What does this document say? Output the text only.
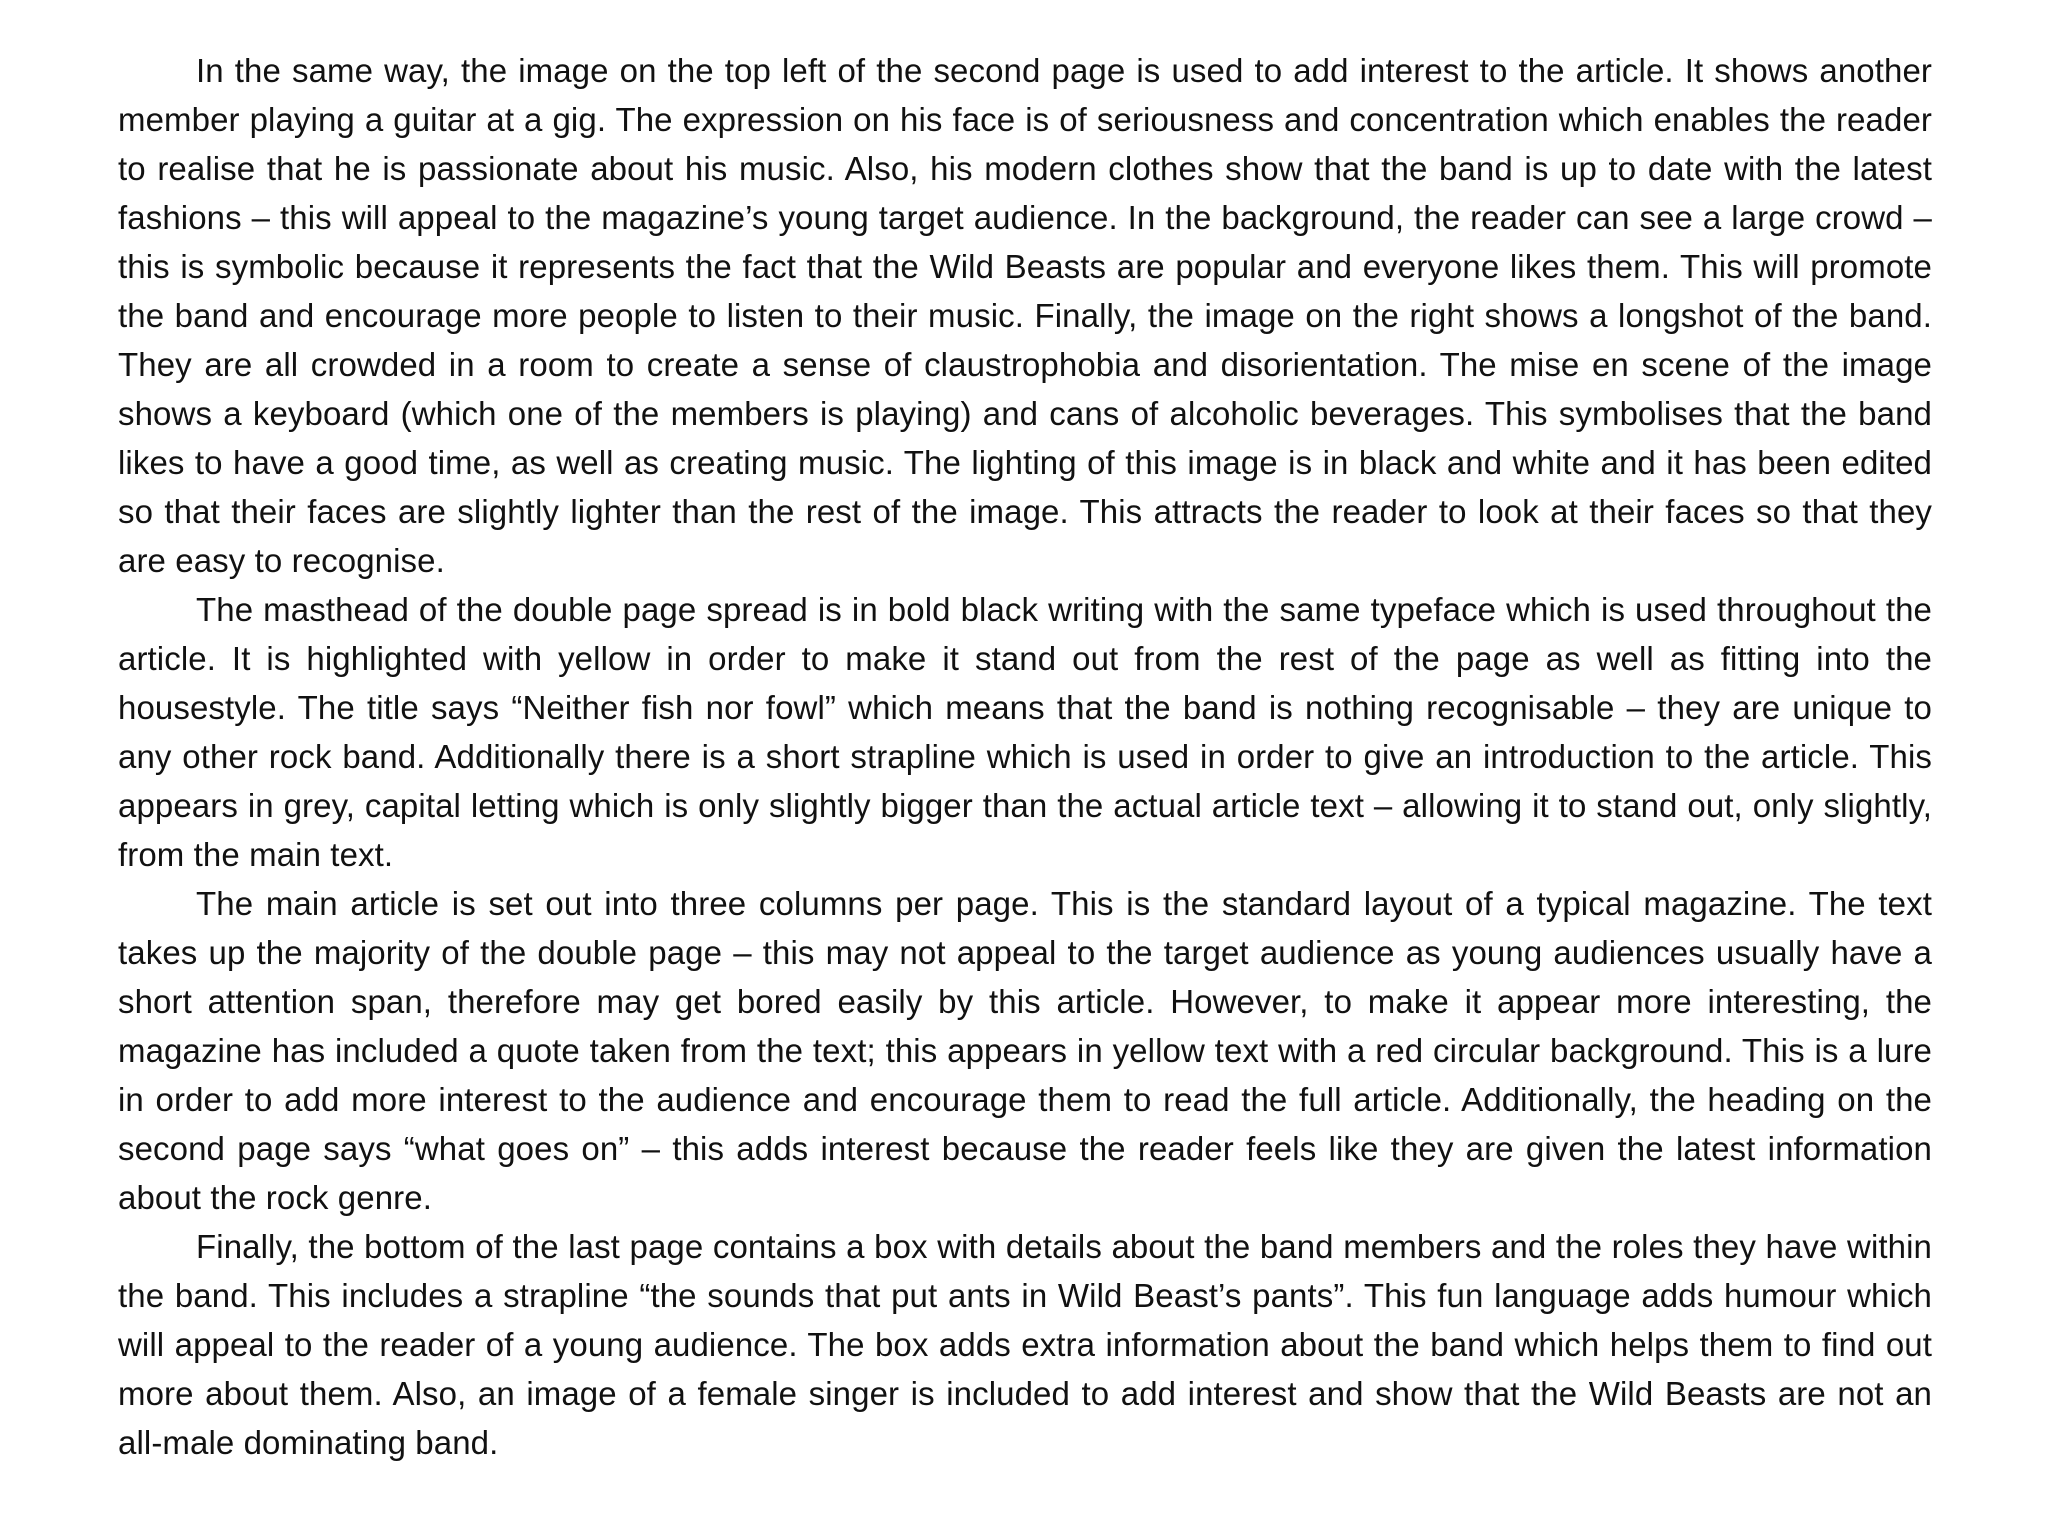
In the same way, the image on the top left of the second page is used to add interest to the article. It shows another member playing a guitar at a gig. The expression on his face is of seriousness and concentration which enables the reader to realise that he is passionate about his music. Also, his modern clothes show that the band is up to date with the latest fashions – this will appeal to the magazine’s young target audience. In the background, the reader can see a large crowd – this is symbolic because it represents the fact that the Wild Beasts are popular and everyone likes them. This will promote the band and encourage more people to listen to their music. Finally, the image on the right shows a longshot of the band. They are all crowded in a room to create a sense of claustrophobia and disorientation. The mise en scene of the image shows a keyboard (which one of the members is playing) and cans of alcoholic beverages. This symbolises that the band likes to have a good time, as well as creating music. The lighting of this image is in black and white and it has been edited so that their faces are slightly lighter than the rest of the image. This attracts the reader to look at their faces so that they are easy to recognise.

The masthead of the double page spread is in bold black writing with the same typeface which is used throughout the article. It is highlighted with yellow in order to make it stand out from the rest of the page as well as fitting into the housestyle. The title says “Neither fish nor fowl” which means that the band is nothing recognisable – they are unique to any other rock band. Additionally there is a short strapline which is used in order to give an introduction to the article. This appears in grey, capital letting which is only slightly bigger than the actual article text – allowing it to stand out, only slightly, from the main text.

The main article is set out into three columns per page. This is the standard layout of a typical magazine. The text takes up the majority of the double page – this may not appeal to the target audience as young audiences usually have a short attention span, therefore may get bored easily by this article. However, to make it appear more interesting, the magazine has included a quote taken from the text; this appears in yellow text with a red circular background. This is a lure in order to add more interest to the audience and encourage them to read the full article. Additionally, the heading on the second page says “what goes on” – this adds interest because the reader feels like they are given the latest information about the rock genre.

Finally, the bottom of the last page contains a box with details about the band members and the roles they have within the band. This includes a strapline “the sounds that put ants in Wild Beast’s pants”. This fun language adds humour which will appeal to the reader of a young audience. The box adds extra information about the band which helps them to find out more about them. Also, an image of a female singer is included to add interest and show that the Wild Beasts are not an all-male dominating band.
